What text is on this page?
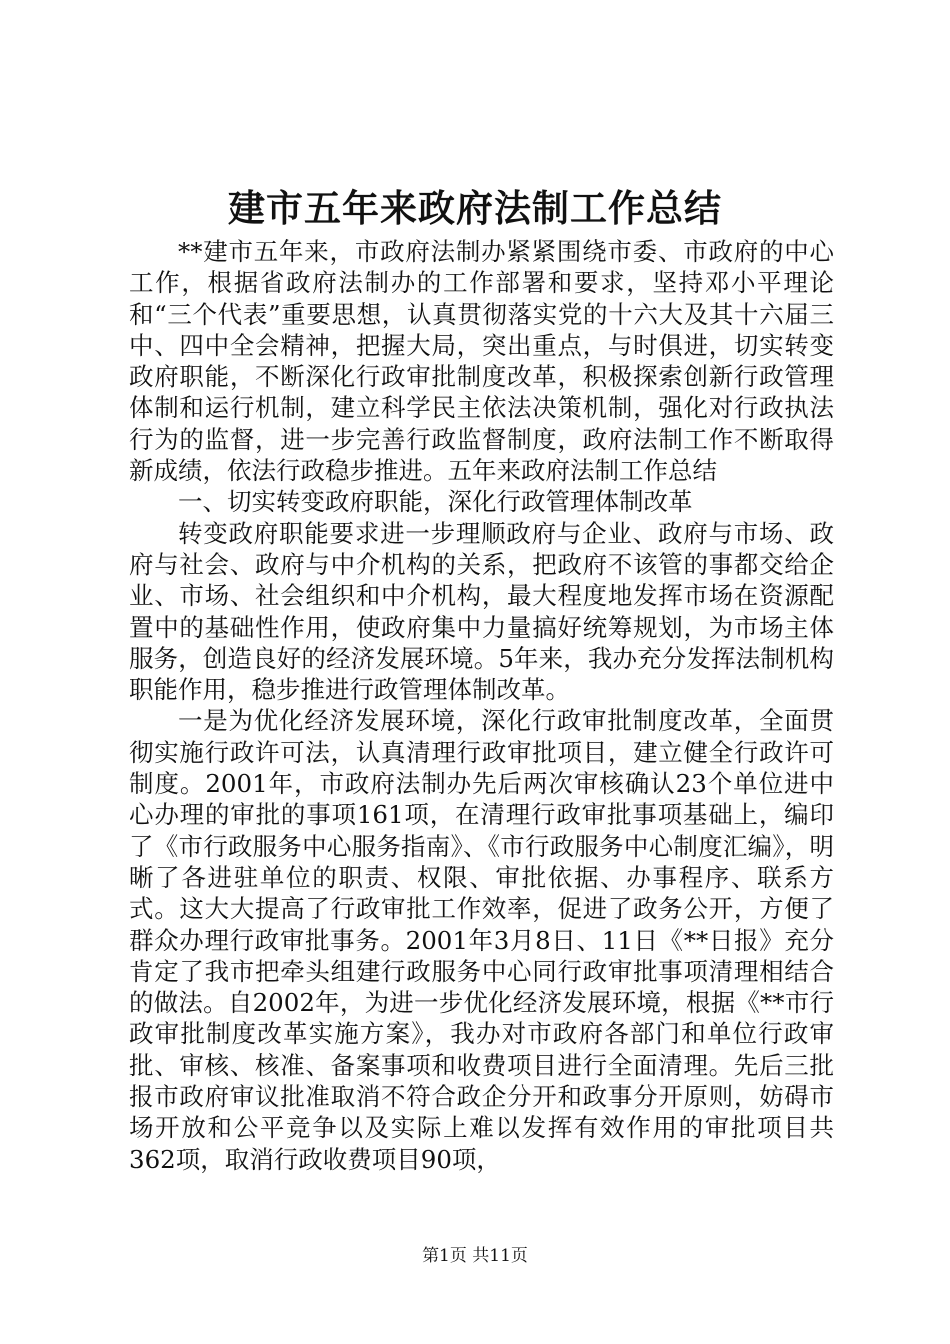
建市五年来政府法制工作总结

**建市五年来，市政府法制办紧紧围绕市委、市政府的中心工作，根据省政府法制办的工作部署和要求，坚持邓小平理论和“三个代表”重要思想，认真贯彻落实党的十六大及其十六届三中、四中全会精神，把握大局，突出重点，与时俱进，切实转变政府职能，不断深化行政审批制度改革，积极探索创新行政管理体制和运行机制，建立科学民主依法决策机制，强化对行政执法行为的监督，进一步完善行政监督制度，政府法制工作不断取得新成绩，依法行政稳步推进。五年来政府法制工作总结

一、切实转变政府职能，深化行政管理体制改革

转变政府职能要求进一步理顺政府与企业、政府与市场、政府与社会、政府与中介机构的关系，把政府不该管的事都交给企业、市场、社会组织和中介机构，最大程度地发挥市场在资源配置中的基础性作用，使政府集中力量搞好统筹规划，为市场主体服务，创造良好的经济发展环境。5年来，我办充分发挥法制机构职能作用，稳步推进行政管理体制改革。

一是为优化经济发展环境，深化行政审批制度改革，全面贯彻实施行政许可法，认真清理行政审批项目，建立健全行政许可制度。2001年，市政府法制办先后两次审核确认23个单位进中心办理的审批的事项161项，在清理行政审批事项基础上，编印了《市行政服务中心服务指南》、《市行政服务中心制度汇编》，明晰了各进驻单位的职责、权限、审批依据、办事程序、联系方式。这大大提高了行政审批工作效率，促进了政务公开，方便了群众办理行政审批事务。2001年3月8日、11日《**日报》充分肯定了我市把牵头组建行政服务中心同行政审批事项清理相结合的做法。自2002年，为进一步优化经济发展环境，根据《**市行政审批制度改革实施方案》，我办对市政府各部门和单位行政审批、审核、核准、备案事项和收费项目进行全面清理。先后三批报市政府审议批准取消不符合政企分开和政事分开原则，妨碍市场开放和公平竞争以及实际上难以发挥有效作用的审批项目共362项，取消行政收费项目90项，

第1页 共11页
